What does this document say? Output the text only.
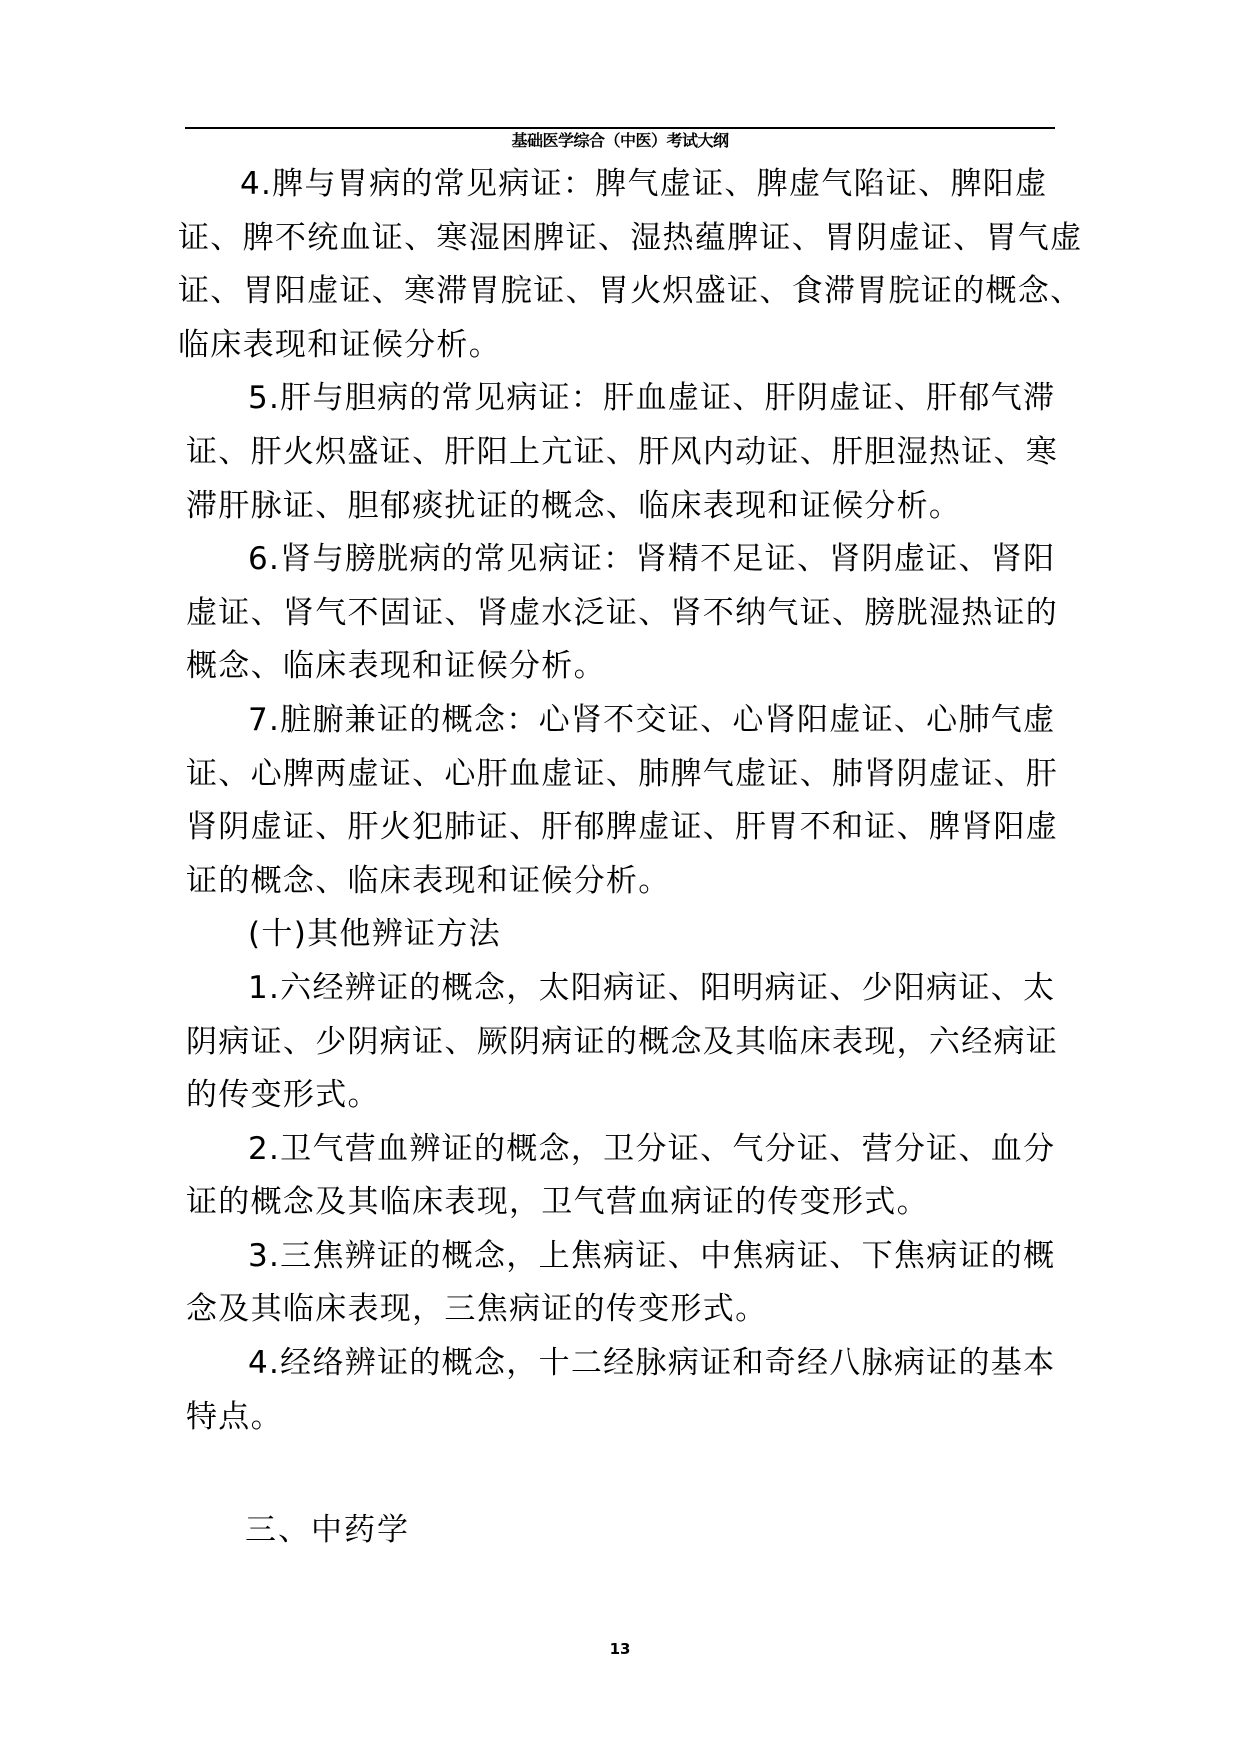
基础医学综合（中医）考试大纲

4.脾与胃病的常见病证：脾气虚证、脾虚气陷证、脾阳虚证、脾不统血证、寒湿困脾证、湿热蕴脾证、胃阴虚证、胃气虚证、胃阳虚证、寒滞胃脘证、胃火炽盛证、食滞胃脘证的概念、临床表现和证候分析。

5.肝与胆病的常见病证：肝血虚证、肝阴虚证、肝郁气滞证、肝火炽盛证、肝阳上亢证、肝风内动证、肝胆湿热证、寒滞肝脉证、胆郁痰扰证的概念、临床表现和证候分析。

6.肾与膀胱病的常见病证：肾精不足证、肾阴虚证、肾阳虚证、肾气不固证、肾虚水泛证、肾不纳气证、膀胱湿热证的概念、临床表现和证候分析。

7.脏腑兼证的概念：心肾不交证、心肾阳虚证、心肺气虚证、心脾两虚证、心肝血虚证、肺脾气虚证、肺肾阴虚证、肝肾阴虚证、肝火犯肺证、肝郁脾虚证、肝胃不和证、脾肾阳虚证的概念、临床表现和证候分析。

(十)其他辨证方法

1.六经辨证的概念，太阳病证、阳明病证、少阳病证、太阴病证、少阴病证、厥阴病证的概念及其临床表现，六经病证的传变形式。

2.卫气营血辨证的概念，卫分证、气分证、营分证、血分证的概念及其临床表现，卫气营血病证的传变形式。

3.三焦辨证的概念，上焦病证、中焦病证、下焦病证的概念及其临床表现，三焦病证的传变形式。

4.经络辨证的概念，十二经脉病证和奇经八脉病证的基本特点。

三、中药学
13
